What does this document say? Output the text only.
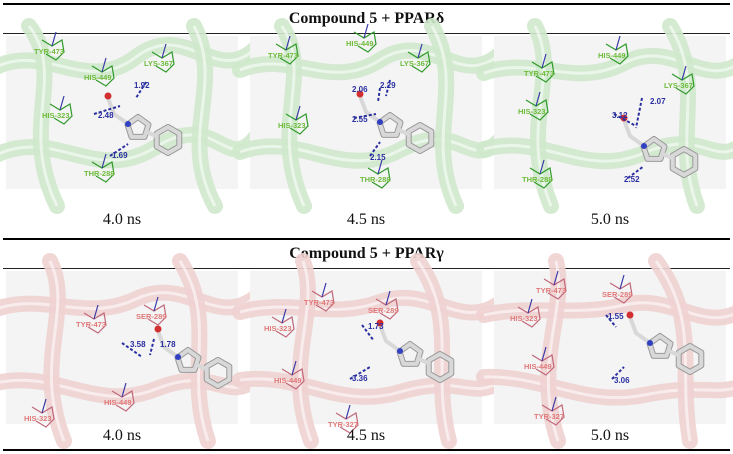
Compound 5 + PPARδ
TYR-473
HIS-449
LYS-367
HIS-323
THR-288
1.92
2.48
1.69
TYR-473
HIS-449
LYS-367
HIS-323
THR-288
2.06 2.29
2.55
2.15
TYR-473
HIS-449
LYS-367
HIS-323
THR-288
2.07
3.12
2.52
4.0 ns	4.5 ns	5.0 ns
Compound 5 + PPARγ
TYR-473
SER-289
HIS-323
HIS-449
3.58 1.78
TYR-473
SER-289
HIS-323
HIS-449
TYR-327
1.73
3.36
TYR-473	SER-289
HIS-323
HIS-449
TYR-327
1.55
3.06
4.0 ns	4.5 ns	5.0 ns
